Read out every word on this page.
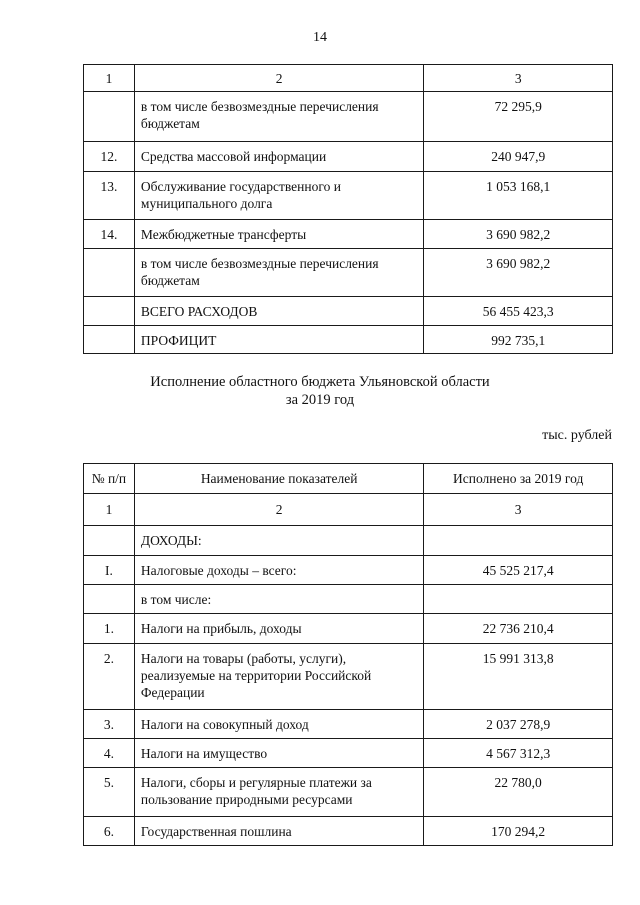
14
1	2	3
	в том числе безвозмездные перечисления бюджетам	72 295,9
12.	Средства массовой информации	240 947,9
13.	Обслуживание государственного и муниципального долга	1 053 168,1
14.	Межбюджетные трансферты	3 690 982,2
	в том числе безвозмездные перечисления бюджетам	3 690 982,2
	ВСЕГО РАСХОДОВ	56 455 423,3
	ПРОФИЦИТ	992 735,1
Исполнение областного бюджета Ульяновской области
за 2019 год
тыс. рублей
№ п/п	Наименование показателей	Исполнено за 2019 год
1	2	3
	ДОХОДЫ:	
I.	Налоговые доходы – всего:	45 525 217,4
	в том числе:	
1.	Налоги на прибыль, доходы	22 736 210,4
2.	Налоги на товары (работы, услуги), реализуемые на территории Российской Федерации	15 991 313,8
3.	Налоги на совокупный доход	2 037 278,9
4.	Налоги на имущество	4 567 312,3
5.	Налоги, сборы и регулярные платежи за пользование природными ресурсами	22 780,0
6.	Государственная пошлина	170 294,2
